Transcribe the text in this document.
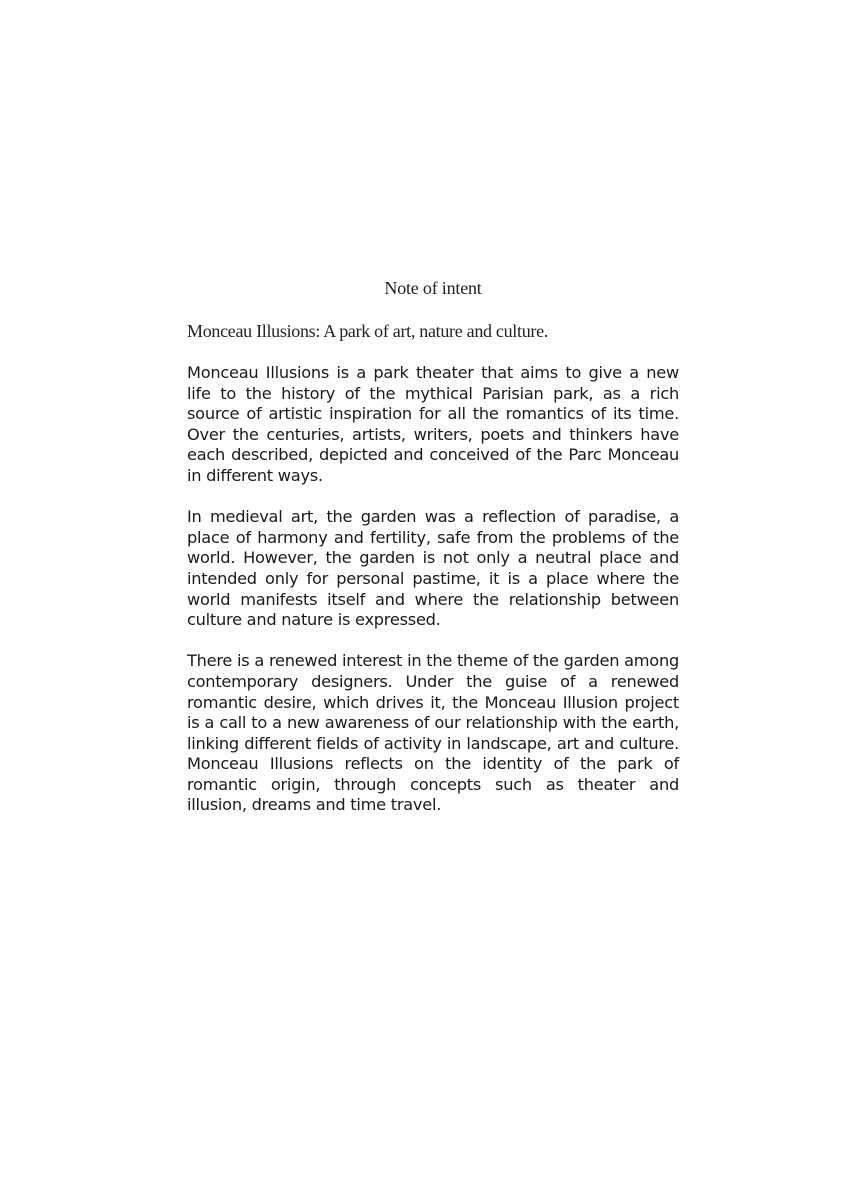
Note of intent
Monceau Illusions: A park of art, nature and culture.

Monceau Illusions is a park theater that aims to give a new life to the history of the mythical Parisian park, as a rich source of artistic inspiration for all the romantics of its time. Over the centuries, artists, writers, poets and thinkers have each described, depicted and conceived of the Parc Monceau in different ways.

In medieval art, the garden was a reflection of paradise, a place of harmony and fertility, safe from the problems of the world. However, the garden is not only a neutral place and intended only for personal pastime, it is a place where the world manifests itself and where the relationship between culture and nature is expressed.

There is a renewed interest in the theme of the garden among contemporary designers. Under the guise of a renewed romantic desire, which drives it, the Monceau Illusion project is a call to a new awareness of our relationship with the earth, linking different fields of activity in landscape, art and culture. Monceau Illusions reflects on the identity of the park of romantic origin, through concepts such as theater and illusion, dreams and time travel.
